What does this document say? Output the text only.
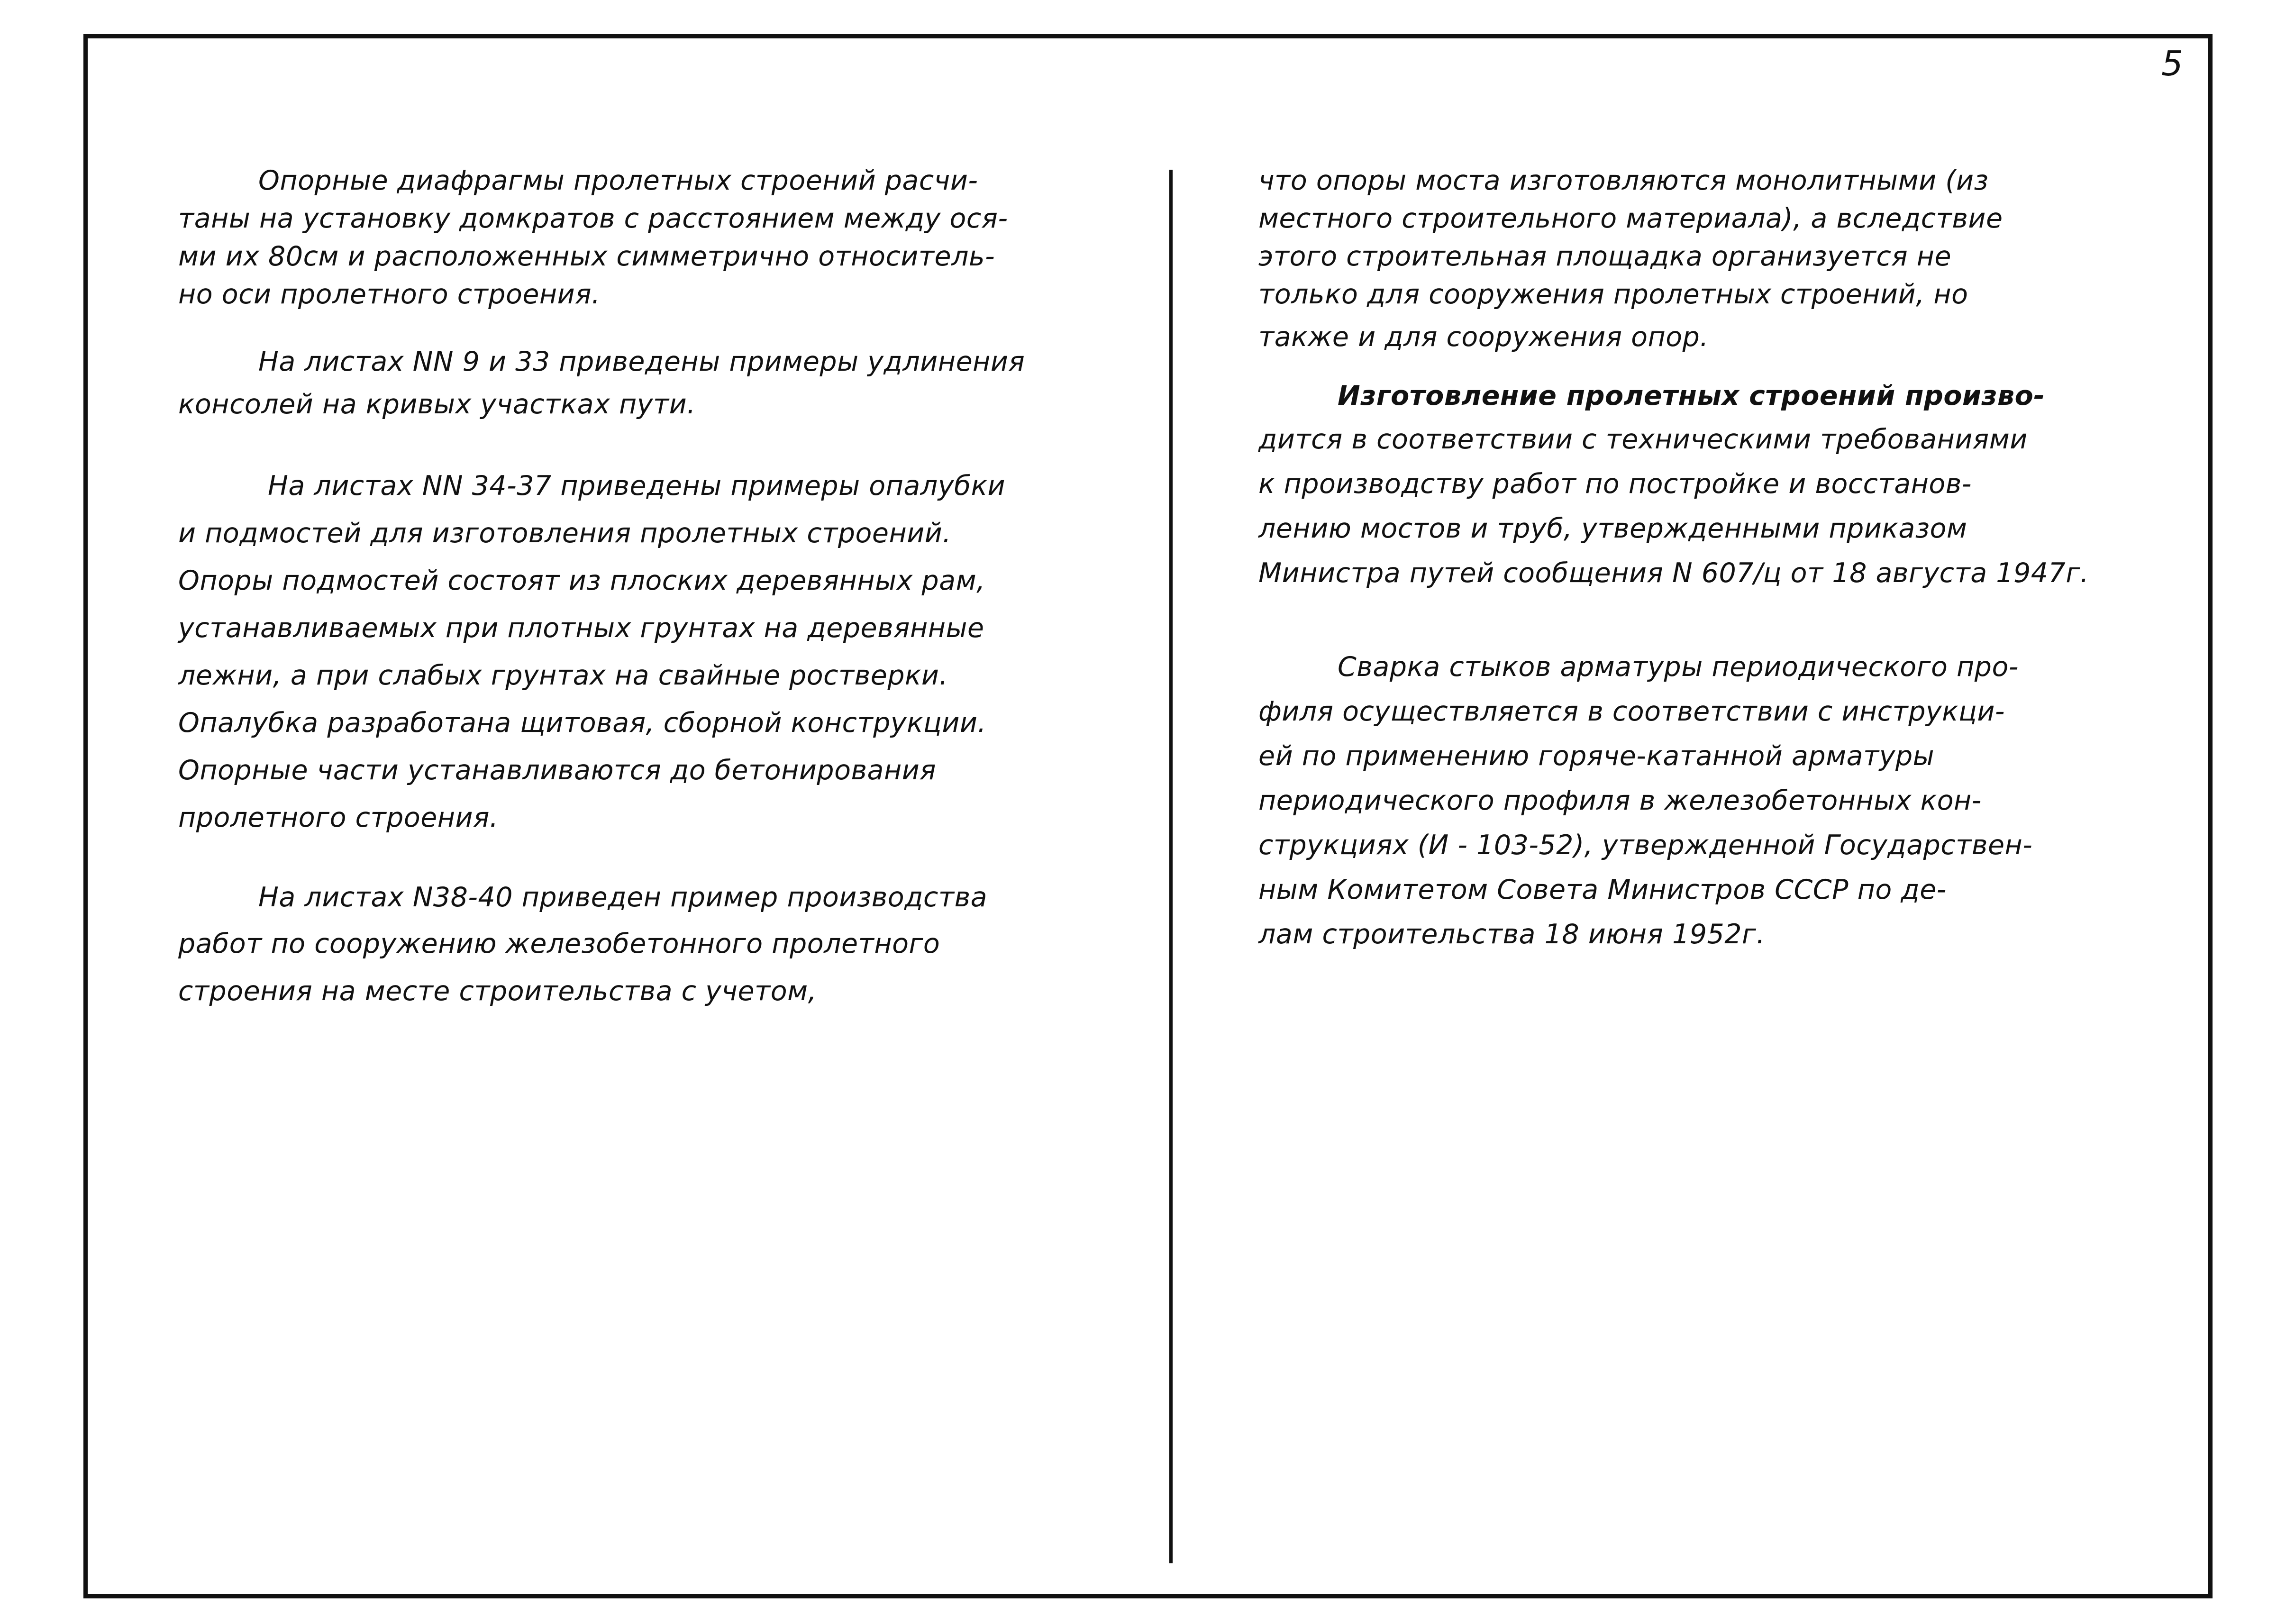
5
Опорные диафрагмы пролетных строений расчи-
таны на установку домкратов с расстоянием между ося-
ми их 80см и расположенных симметрично относитель-
но оси пролетного строения.
На листах NN 9 и 33 приведены примеры удлинения
консолей на кривых участках пути.
На листах NN 34-37 приведены примеры опалубки
и подмостей для изготовления пролетных строений.
Опоры подмостей состоят из плоских деревянных рам,
устанавливаемых при плотных грунтах на деревянные
лежни, а при слабых грунтах на свайные ростверки.
Опалубка разработана щитовая, сборной конструкции.
Опорные части устанавливаются до бетонирования
пролетного строения.
На листах N38-40 приведен пример производства
работ по сооружению железобетонного пролетного
строения на месте строительства с учетом,
что опоры моста изготовляются монолитными (из
местного строительного материала), а вследствие
этого строительная площадка организуется не
только для сооружения пролетных строений, но
также и для сооружения опор.
Изготовление пролетных строений произво-
дится в соответствии с техническими требованиями
к производству работ по постройке и восстанов-
лению мостов и труб, утвержденными приказом
Министра путей сообщения N 607/ц от 18 августа 1947г.
Сварка стыков арматуры периодического про-
филя осуществляется в соответствии с инструкци-
ей по применению горяче-катанной арматуры
периодического профиля в железобетонных кон-
струкциях (И - 103-52), утвержденной Государствен-
ным Комитетом Совета Министров СССР по де-
лам строительства 18 июня 1952г.
